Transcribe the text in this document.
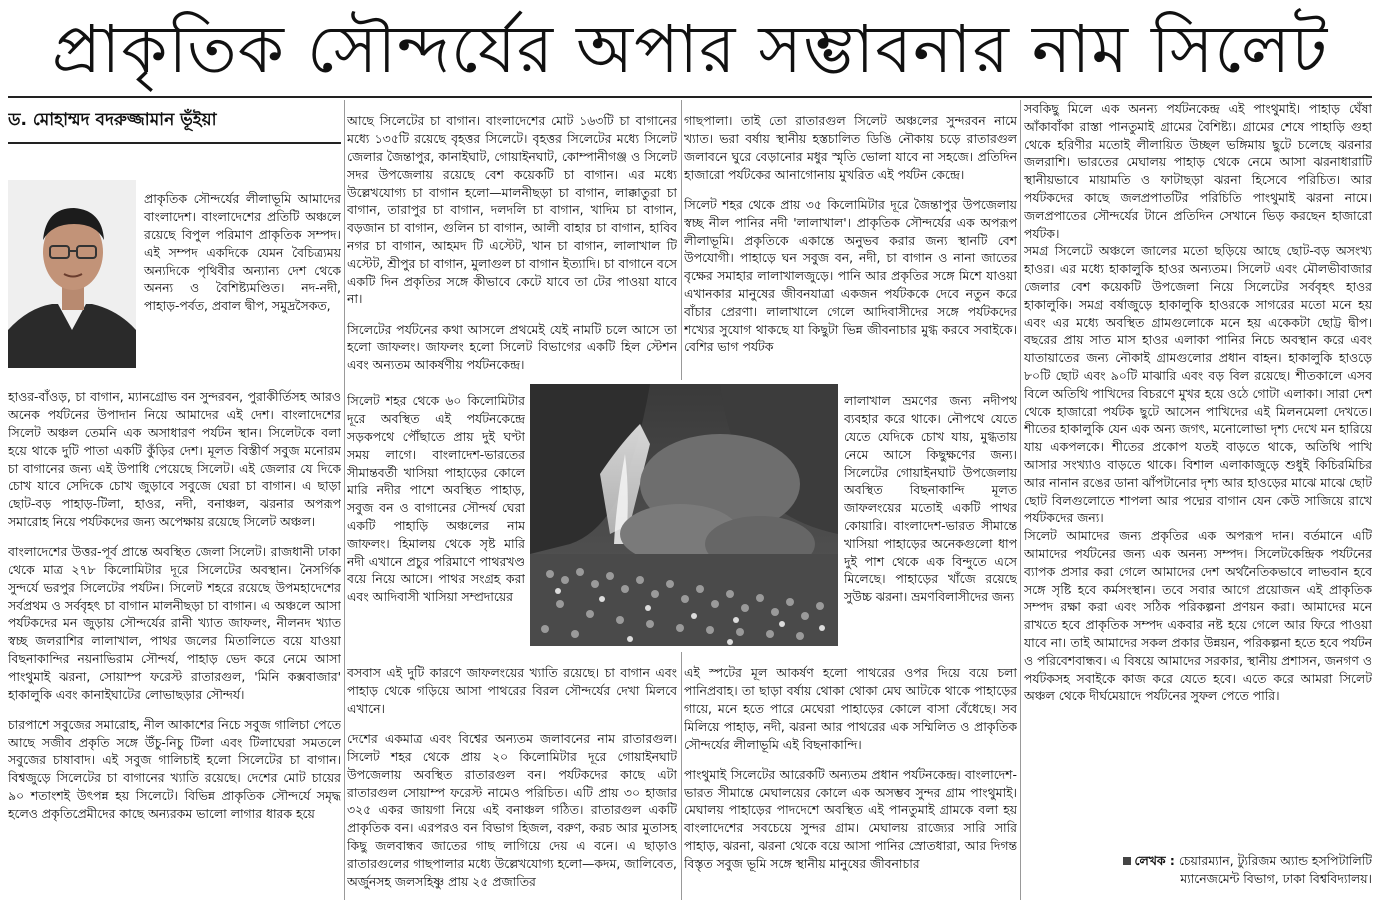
প্রাকৃতিক সৌন্দর্যের অপার সম্ভাবনার নাম সিলেট
ড. মোহাম্মদ বদরুজ্জামান ভূঁইয়া

প্রাকৃতিক সৌন্দর্যের লীলাভূমি আমাদের বাংলাদেশ। বাংলাদেশের প্রতিটি অঞ্চলে রয়েছে বিপুল পরিমাণ প্রাকৃতিক সম্পদ। এই সম্পদ একদিকে যেমন বৈচিত্র্যময় অন্যদিকে পৃথিবীর অন্যান্য দেশ থেকে অনন্য ও বৈশিষ্ট্যমণ্ডিত। নদ-নদী, পাহাড়-পর্বত, প্রবাল দ্বীপ, সমুদ্রসৈকত,

হাওর-বাঁওড়, চা বাগান, ম্যানগ্রোভ বন সুন্দরবন, পুরাকীর্তিসহ আরও অনেক পর্যটনের উপাদান নিয়ে আমাদের এই দেশ। বাংলাদেশের সিলেট অঞ্চল তেমনি এক অসাধারণ পর্যটন স্থান। সিলেটকে বলা হয়ে থাকে দুটি পাতা একটি কুঁড়ির দেশ। মূলত বিস্তীর্ণ সবুজ মনোরম চা বাগানের জন্য এই উপাধি পেয়েছে সিলেট। এই জেলার যে দিকে চোখ যাবে সেদিকে চোখ জুড়াবে সবুজে ঘেরা চা বাগান। এ ছাড়া ছোট-বড় পাহাড়-টিলা, হাওর, নদী, বনাঞ্চল, ঝরনার অপরূপ সমারোহ নিয়ে পর্যটকদের জন্য অপেক্ষায় রয়েছে সিলেট অঞ্চল।

বাংলাদেশের উত্তর-পূর্ব প্রান্তে অবস্থিত জেলা সিলেট। রাজধানী ঢাকা থেকে মাত্র ২৭৮ কিলোমিটার দূরে সিলেটের অবস্থান। নৈসর্গিক সুন্দর্যে ভরপুর সিলেটের পর্যটন। সিলেট শহরে রয়েছে উপমহাদেশের সর্বপ্রথম ও সর্ববৃহৎ চা বাগান মালনীছড়া চা বাগান। এ অঞ্চলে আসা পর্যটকদের মন জুড়ায় সৌন্দর্যের রানী খ্যাত জাফলং, নীলনদ খ্যাত স্বচ্ছ জলরাশির লালাখাল, পাথর জলের মিতালিতে বয়ে যাওয়া বিছনাকান্দির নয়নাভিরাম সৌন্দর্য, পাহাড় ভেদ করে নেমে আসা পাংথুমাই ঝরনা, সোয়াম্প ফরেস্ট রাতারগুল, 'মিনি কক্সবাজার' হাকালুকি এবং কানাইঘাটের লোভাছড়ার সৌন্দর্য।

চারপাশে সবুজের সমারোহ, নীল আকাশের নিচে সবুজ গালিচা পেতে আছে সজীব প্রকৃতি সঙ্গে উঁচু-নিচু টিলা এবং টিলাঘেরা সমতলে সবুজের চাষাবাদ। এই সবুজ গালিচাই হলো সিলেটের চা বাগান। বিশ্বজুড়ে সিলেটের চা বাগানের খ্যাতি রয়েছে। দেশের মোট চায়ের ৯০ শতাংশই উৎপন্ন হয় সিলেটে। বিভিন্ন প্রাকৃতিক সৌন্দর্যে সমৃদ্ধ হলেও প্রকৃতিপ্রেমীদের কাছে অন্যরকম ভালো লাগার ধারক হয়ে

আছে সিলেটের চা বাগান। বাংলাদেশের মোট ১৬৩টি চা বাগানের মধ্যে ১৩৫টি রয়েছে বৃহত্তর সিলেটে। বৃহত্তর সিলেটের মধ্যে সিলেট জেলার জৈন্তাপুর, কানাইঘাট, গোয়াইনঘাট, কোম্পানীগঞ্জ ও সিলেট সদর উপজেলায় রয়েছে বেশ কয়েকটি চা বাগান। এর মধ্যে উল্লেখযোগ্য চা বাগান হলো—মালনীছড়া চা বাগান, লাক্কাতুরা চা বাগান, তারাপুর চা বাগান, দলদলি চা বাগান, খাদিম চা বাগান, বড়জান চা বাগান, গুলিন চা বাগান, আলী বাহার চা বাগান, হাবিব নগর চা বাগান, আহমদ টি এস্টেট, খান চা বাগান, লালাখাল টি এস্টেট, শ্রীপুর চা বাগান, মুলাগুল চা বাগান ইত্যাদি। চা বাগানে বসে একটি দিন প্রকৃতির সঙ্গে কীভাবে কেটে যাবে তা টের পাওয়া যাবে না।

সিলেটের পর্যটনের কথা আসলে প্রথমেই যেই নামটি চলে আসে তা হলো জাফলং। জাফলং হলো সিলেট বিভাগের একটি হিল স্টেশন এবং অন্যতম আকর্ষণীয় পর্যটনকেন্দ্র।

সিলেট শহর থেকে ৬০ কিলোমিটার দূরে অবস্থিত এই পর্যটনকেন্দ্রে সড়কপথে পৌঁছাতে প্রায় দুই ঘণ্টা সময় লাগে। বাংলাদেশ-ভারতের সীমান্তবর্তী খাসিয়া পাহাড়ের কোলে মারি নদীর পাশে অবস্থিত পাহাড়, সবুজ বন ও বাগানের সৌন্দর্য ঘেরা একটি পাহাড়ি অঞ্চলের নাম জাফলং। হিমালয় থেকে সৃষ্ট মারি নদী এখানে প্রচুর পরিমাণে পাথরখণ্ড বয়ে নিয়ে আসে। পাথর সংগ্রহ করা এবং আদিবাসী খাসিয়া সম্প্রদায়ের

বসবাস এই দুটি কারণে জাফলংয়ের খ্যাতি রয়েছে। চা বাগান এবং পাহাড় থেকে গড়িয়ে আসা পাথরের বিরল সৌন্দর্যের দেখা মিলবে এখানে।

দেশের একমাত্র এবং বিশ্বের অন্যতম জলাবনের নাম রাতারগুল। সিলেট শহর থেকে প্রায় ২০ কিলোমিটার দূরে গোয়াইনঘাট উপজেলায় অবস্থিত রাতারগুল বন। পর্যটকদের কাছে এটা রাতারগুল সোয়াম্প ফরেস্ট নামেও পরিচিত। এটি প্রায় ৩০ হাজার ৩২৫ একর জায়গা নিয়ে এই বনাঞ্চল গঠিত। রাতারগুল একটি প্রাকৃতিক বন। এরপরও বন বিভাগ হিজল, বরুণ, করচ আর মুতাসহ কিছু জলবান্ধব জাতের গাছ লাগিয়ে দেয় এ বনে। এ ছাড়াও রাতারগুলের গাছপালার মধ্যে উল্লেখযোগ্য হলো—কদম, জালিবেত, অর্জুনসহ জলসহিষ্ণু প্রায় ২৫ প্রজাতির

গাছপালা। তাই তো রাতারগুল সিলেট অঞ্চলের সুন্দরবন নামে খ্যাত। ভরা বর্ষায় স্থানীয় হস্তচালিত ডিঙি নৌকায় চড়ে রাতারগুল জলাবনে ঘুরে বেড়ানোর মধুর স্মৃতি ভোলা যাবে না সহজে। প্রতিদিন হাজারো পর্যটকের আনাগোনায় মুখরিত এই পর্যটন কেন্দ্রে।

সিলেট শহর থেকে প্রায় ৩৫ কিলোমিটার দূরে জৈন্তাপুর উপজেলায় স্বচ্ছ নীল পানির নদী 'লালাখাল'। প্রাকৃতিক সৌন্দর্যের এক অপরূপ লীলাভূমি। প্রকৃতিকে একান্তে অনুভব করার জন্য স্থানটি বেশ উপযোগী। পাহাড়ে ঘন সবুজ বন, নদী, চা বাগান ও নানা জাতের বৃক্ষের সমাহার লালাখালজুড়ে। পানি আর প্রকৃতির সঙ্গে মিশে যাওয়া এখানকার মানুষের জীবনযাত্রা একজন পর্যটককে দেবে নতুন করে বাঁচার প্রেরণা। লালাখালে গেলে আদিবাসীদের সঙ্গে পর্যটকদের শখ্যের সুযোগ থাকছে যা কিছুটা ভিন্ন জীবনাচার মুগ্ধ করবে সবাইকে। বেশির ভাগ পর্যটক

লালাখাল ভ্রমণের জন্য নদীপথ ব্যবহার করে থাকে। নৌপথে যেতে যেতে যেদিকে চোখ যায়, মুগ্ধতায় নেমে আসে কিছুক্ষণের জন্য। সিলেটের গোয়াইনঘাট উপজেলায় অবস্থিত বিছনাকান্দি মূলত জাফলংয়ের মতোই একটি পাথর কোয়ারি। বাংলাদেশ-ভারত সীমান্তে খাসিয়া পাহাড়ের অনেকগুলো ধাপ দুই পাশ থেকে এক বিন্দুতে এসে মিলেছে। পাহাড়ের খাঁজে রয়েছে সুউচ্চ ঝরনা। ভ্রমণবিলাসীদের জন্য

এই স্পটের মূল আকর্ষণ হলো পাথরের ওপর দিয়ে বয়ে চলা পানিপ্রবাহ। তা ছাড়া বর্ষায় থোকা থোকা মেঘ আটকে থাকে পাহাড়ের গায়ে, মনে হতে পারে মেঘেরা পাহাড়ের কোলে বাসা বেঁধেছে। সব মিলিয়ে পাহাড়, নদী, ঝরনা আর পাথরের এক সম্মিলিত ও প্রাকৃতিক সৌন্দর্যের লীলাভূমি এই বিছনাকান্দি।

পাংথুমাই সিলেটের আরেকটি অন্যতম প্রধান পর্যটনকেন্দ্র। বাংলাদেশ-ভারত সীমান্তে মেঘালয়ের কোলে এক অসম্ভব সুন্দর গ্রাম পাংথুমাই। মেঘালয় পাহাড়ের পাদদেশে অবস্থিত এই পানতুমাই গ্রামকে বলা হয় বাংলাদেশের সবচেয়ে সুন্দর গ্রাম। মেঘালয় রাজ্যের সারি সারি পাহাড়, ঝরনা, ঝরনা থেকে বয়ে আসা পানির স্রোতধারা, আর দিগন্ত বিস্তৃত সবুজ ভূমি সঙ্গে স্থানীয় মানুষের জীবনাচার

সবকিছু মিলে এক অনন্য পর্যটনকেন্দ্র এই পাংথুমাই। পাহাড় ঘেঁষা আঁকাবাঁকা রাস্তা পানতুমাই গ্রামের বৈশিষ্ট্য। গ্রামের শেষে পাহাড়ি গুহা থেকে হরিণীর মতোই লীলায়িত উচ্ছল ভঙ্গিমায় ছুটে চলেছে ঝরনার জলরাশি। ভারতের মেঘালয় পাহাড় থেকে নেমে আসা ঝরনাধারাটি স্থানীয়ভাবে মায়ামতি ও ফাটাছড়া ঝরনা হিসেবে পরিচিত। আর পর্যটকদের কাছে জলপ্রপাতটির পরিচিতি পাংথুমাই ঝরনা নামে। জলপ্রপাতের সৌন্দর্যের টানে প্রতিদিন সেখানে ভিড় করছেন হাজারো পর্যটক।

সমগ্র সিলেটে অঞ্চলে জালের মতো ছড়িয়ে আছে ছোট-বড় অসংখ্য হাওর। এর মধ্যে হাকালুকি হাওর অন্যতম। সিলেট এবং মৌলভীবাজার জেলার বেশ কয়েকটি উপজেলা নিয়ে সিলেটের সর্ববৃহৎ হাওর হাকালুকি। সমগ্র বর্ষাজুড়ে হাকালুকি হাওরকে সাগরের মতো মনে হয় এবং এর মধ্যে অবস্থিত গ্রামগুলোকে মনে হয় একেকটা ছোট্ট দ্বীপ। বছরের প্রায় সাত মাস হাওর এলাকা পানির নিচে অবস্থান করে এবং যাতায়াতের জন্য নৌকাই গ্রামগুলোর প্রধান বাহন। হাকালুকি হাওড়ে ৮০টি ছোট এবং ৯০টি মাঝারি এবং বড় বিল রয়েছে। শীতকালে এসব বিলে অতিথি পাখিদের বিচরণে মুখর হয়ে ওঠে গোটা এলাকা। সারা দেশ থেকে হাজারো পর্যটক ছুটে আসেন পাখিদের এই মিলনমেলা দেখতে। শীতের হাকালুকি যেন এক অন্য জগৎ, মনোলোভা দৃশ্য দেখে মন হারিয়ে যায় একপলকে। শীতের প্রকোপ যতই বাড়তে থাকে, অতিথি পাখি আসার সংখ্যাও বাড়তে থাকে। বিশাল এলাকাজুড়ে শুধুই কিচিরমিচির আর নানান রঙের ডানা ঝাঁপটানোর দৃশ্য আর হাওড়ের মাঝে মাঝে ছোট ছোট বিলগুলোতে শাপলা আর পদ্মের বাগান যেন কেউ সাজিয়ে রাখে পর্যটকদের জন্য।

সিলেট আমাদের জন্য প্রকৃতির এক অপরূপ দান। বর্তমানে এটি আমাদের পর্যটনের জন্য এক অনন্য সম্পদ। সিলেটকেন্দ্রিক পর্যটনের ব্যাপক প্রসার করা গেলে আমাদের দেশ অর্থনৈতিকভাবে লাভবান হবে সঙ্গে সৃষ্টি হবে কর্মসংস্থান। তবে সবার আগে প্রয়োজন এই প্রাকৃতিক সম্পদ রক্ষা করা এবং সঠিক পরিকল্পনা প্রণয়ন করা। আমাদের মনে রাখতে হবে প্রাকৃতিক সম্পদ একবার নষ্ট হয়ে গেলে আর ফিরে পাওয়া যাবে না। তাই আমাদের সকল প্রকার উন্নয়ন, পরিকল্পনা হতে হবে পর্যটন ও পরিবেশবান্ধব। এ বিষয়ে আমাদের সরকার, স্থানীয় প্রশাসন, জনগণ ও পর্যটকসহ সবাইকে কাজ করে যেতে হবে। এতে করে আমরা সিলেট অঞ্চল থেকে দীর্ঘমেয়াদে পর্যটনের সুফল পেতে পারি।

লেখক : চেয়ারম্যান, ট্যুরিজম অ্যান্ড হসপিটালিটি
ম্যানেজমেন্ট বিভাগ, ঢাকা বিশ্ববিদ্যালয়।
